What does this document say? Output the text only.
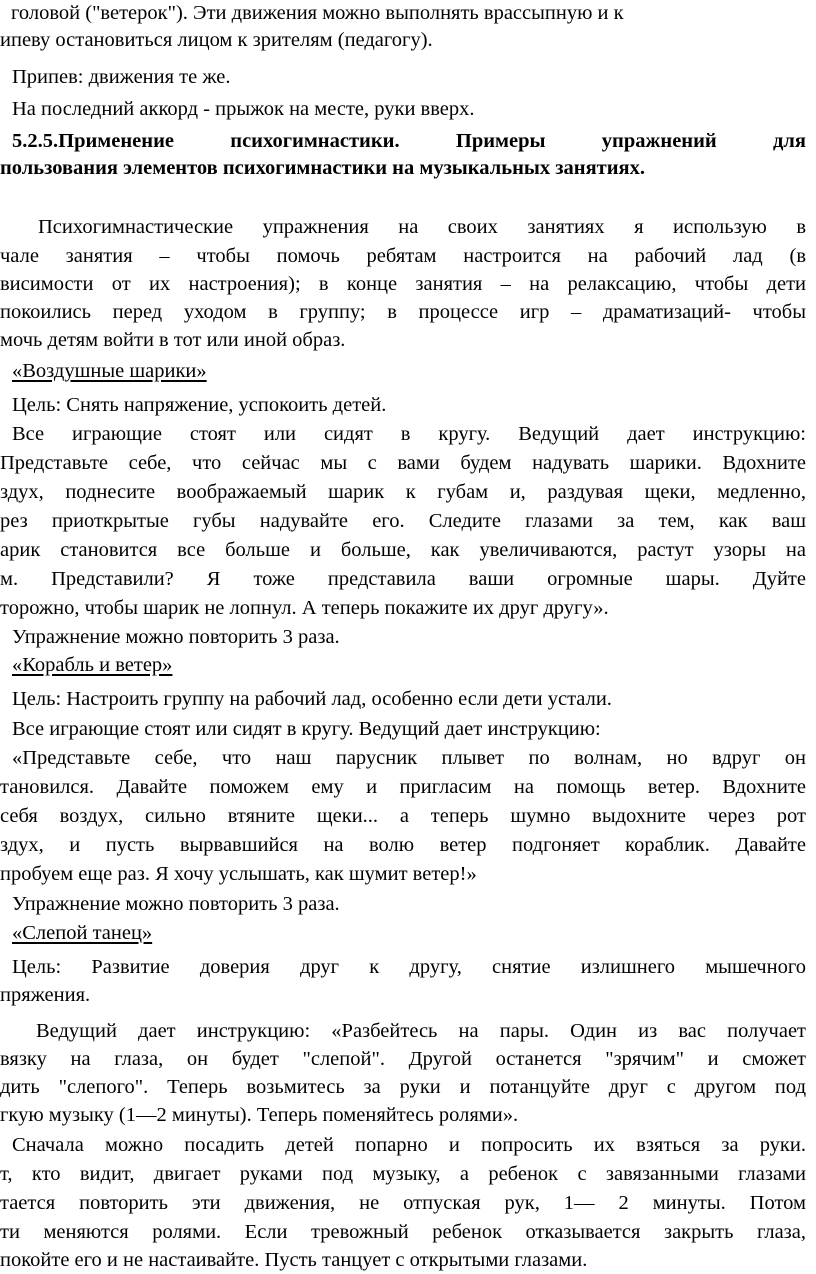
головой ("ветерок"). Эти движения можно выполнять врассыпную и к
ипеву остановиться лицом к зрителям (педагогу).
Припев: движения те же.
На последний аккорд - прыжок на месте, руки вверх.
5.2.5.Применение психогимнастики. Примеры упражнений для
пользования элементов психогимнастики на музыкальных занятиях.
Психогимнастические упражнения на своих занятиях я использую в
чале занятия – чтобы помочь ребятам настроится на рабочий лад (в
висимости от их настроения); в конце занятия – на релаксацию, чтобы дети
покоились перед уходом в группу; в процессе игр – драматизаций- чтобы
мочь детям войти в тот или иной образ.
«Воздушные шарики»
Цель: Снять напряжение, успокоить детей.
Все играющие стоят или сидят в кругу. Ведущий дает инструкцию:
Представьте себе, что сейчас мы с вами будем надувать шарики. Вдохните
здух, поднесите воображаемый шарик к губам и, раздувая щеки, медленно,
рез приоткрытые губы надувайте его. Следите глазами за тем, как ваш
арик становится все больше и больше, как увеличиваются, растут узоры на
м. Представили? Я тоже представила ваши огромные шары. Дуйте
торожно, чтобы шарик не лопнул. А теперь покажите их друг другу».
Упражнение можно повторить 3 раза.
«Корабль и ветер»
Цель: Настроить группу на рабочий лад, особенно если дети устали.
Все играющие стоят или сидят в кругу. Ведущий дает инструкцию:
«Представьте себе, что наш парусник плывет по волнам, но вдруг он
тановился. Давайте поможем ему и пригласим на помощь ветер. Вдохните
себя воздух, сильно втяните щеки... а теперь шумно выдохните через рот
здух, и пусть вырвавшийся на волю ветер подгоняет кораблик. Давайте
пробуем еще раз. Я хочу услышать, как шумит ветер!»
Упражнение можно повторить 3 раза.
«Слепой танец»
Цель: Развитие доверия друг к другу, снятие излишнего мышечного
пряжения.
Ведущий дает инструкцию: «Разбейтесь на пары. Один из вас получает
вязку на глаза, он будет "слепой". Другой останется "зрячим" и сможет
дить "слепого". Теперь возьмитесь за руки и потанцуйте друг с другом под
гкую музыку (1—2 минуты). Теперь поменяйтесь ролями».
Сначала можно посадить детей попарно и попросить их взяться за руки.
т, кто видит, двигает руками под музыку, а ребенок с завязанными глазами
тается повторить эти движения, не отпуская рук, 1— 2 минуты. Потом
ти меняются ролями. Если тревожный ребенок отказывается закрыть глаза,
покойте его и не настаивайте. Пусть танцует с открытыми глазами.
